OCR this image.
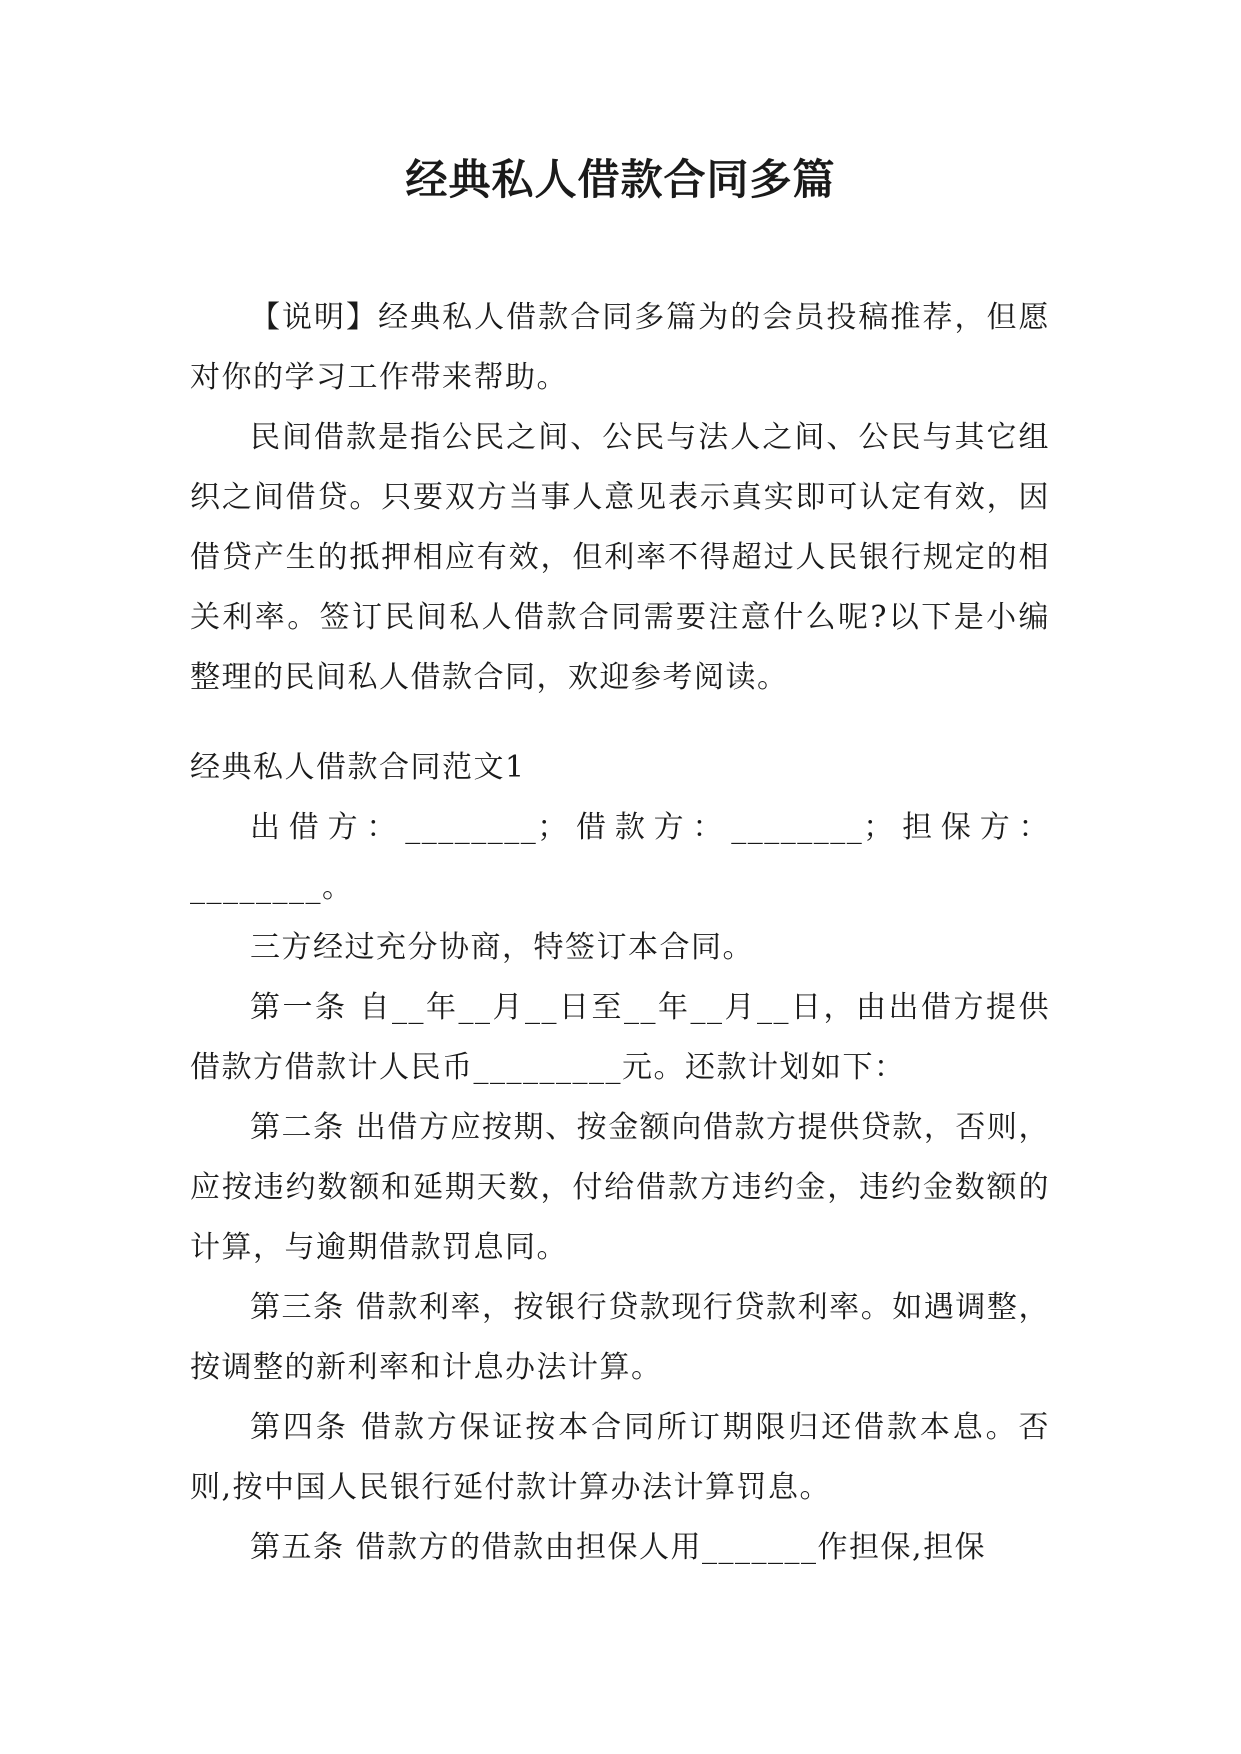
经典私人借款合同多篇

【说明】经典私人借款合同多篇为的会员投稿推荐，但愿对你的学习工作带来帮助。

民间借款是指公民之间、公民与法人之间、公民与其它组织之间借贷。只要双方当事人意见表示真实即可认定有效，因借贷产生的抵押相应有效，但利率不得超过人民银行规定的相关利率。签订民间私人借款合同需要注意什么呢?以下是小编整理的民间私人借款合同，欢迎参考阅读。

经典私人借款合同范文1

出借方：________；借款方：________；担保方：________。

三方经过充分协商，特签订本合同。

第一条 自__年__月__日至__年__月__日，由出借方提供借款方借款计人民币_________元。还款计划如下：

第二条 出借方应按期、按金额向借款方提供贷款，否则，应按违约数额和延期天数，付给借款方违约金，违约金数额的计算，与逾期借款罚息同。

第三条 借款利率，按银行贷款现行贷款利率。如遇调整，按调整的新利率和计息办法计算。

第四条 借款方保证按本合同所订期限归还借款本息。否则,按中国人民银行延付款计算办法计算罚息。

第五条 借款方的借款由担保人用_______作担保,担保
